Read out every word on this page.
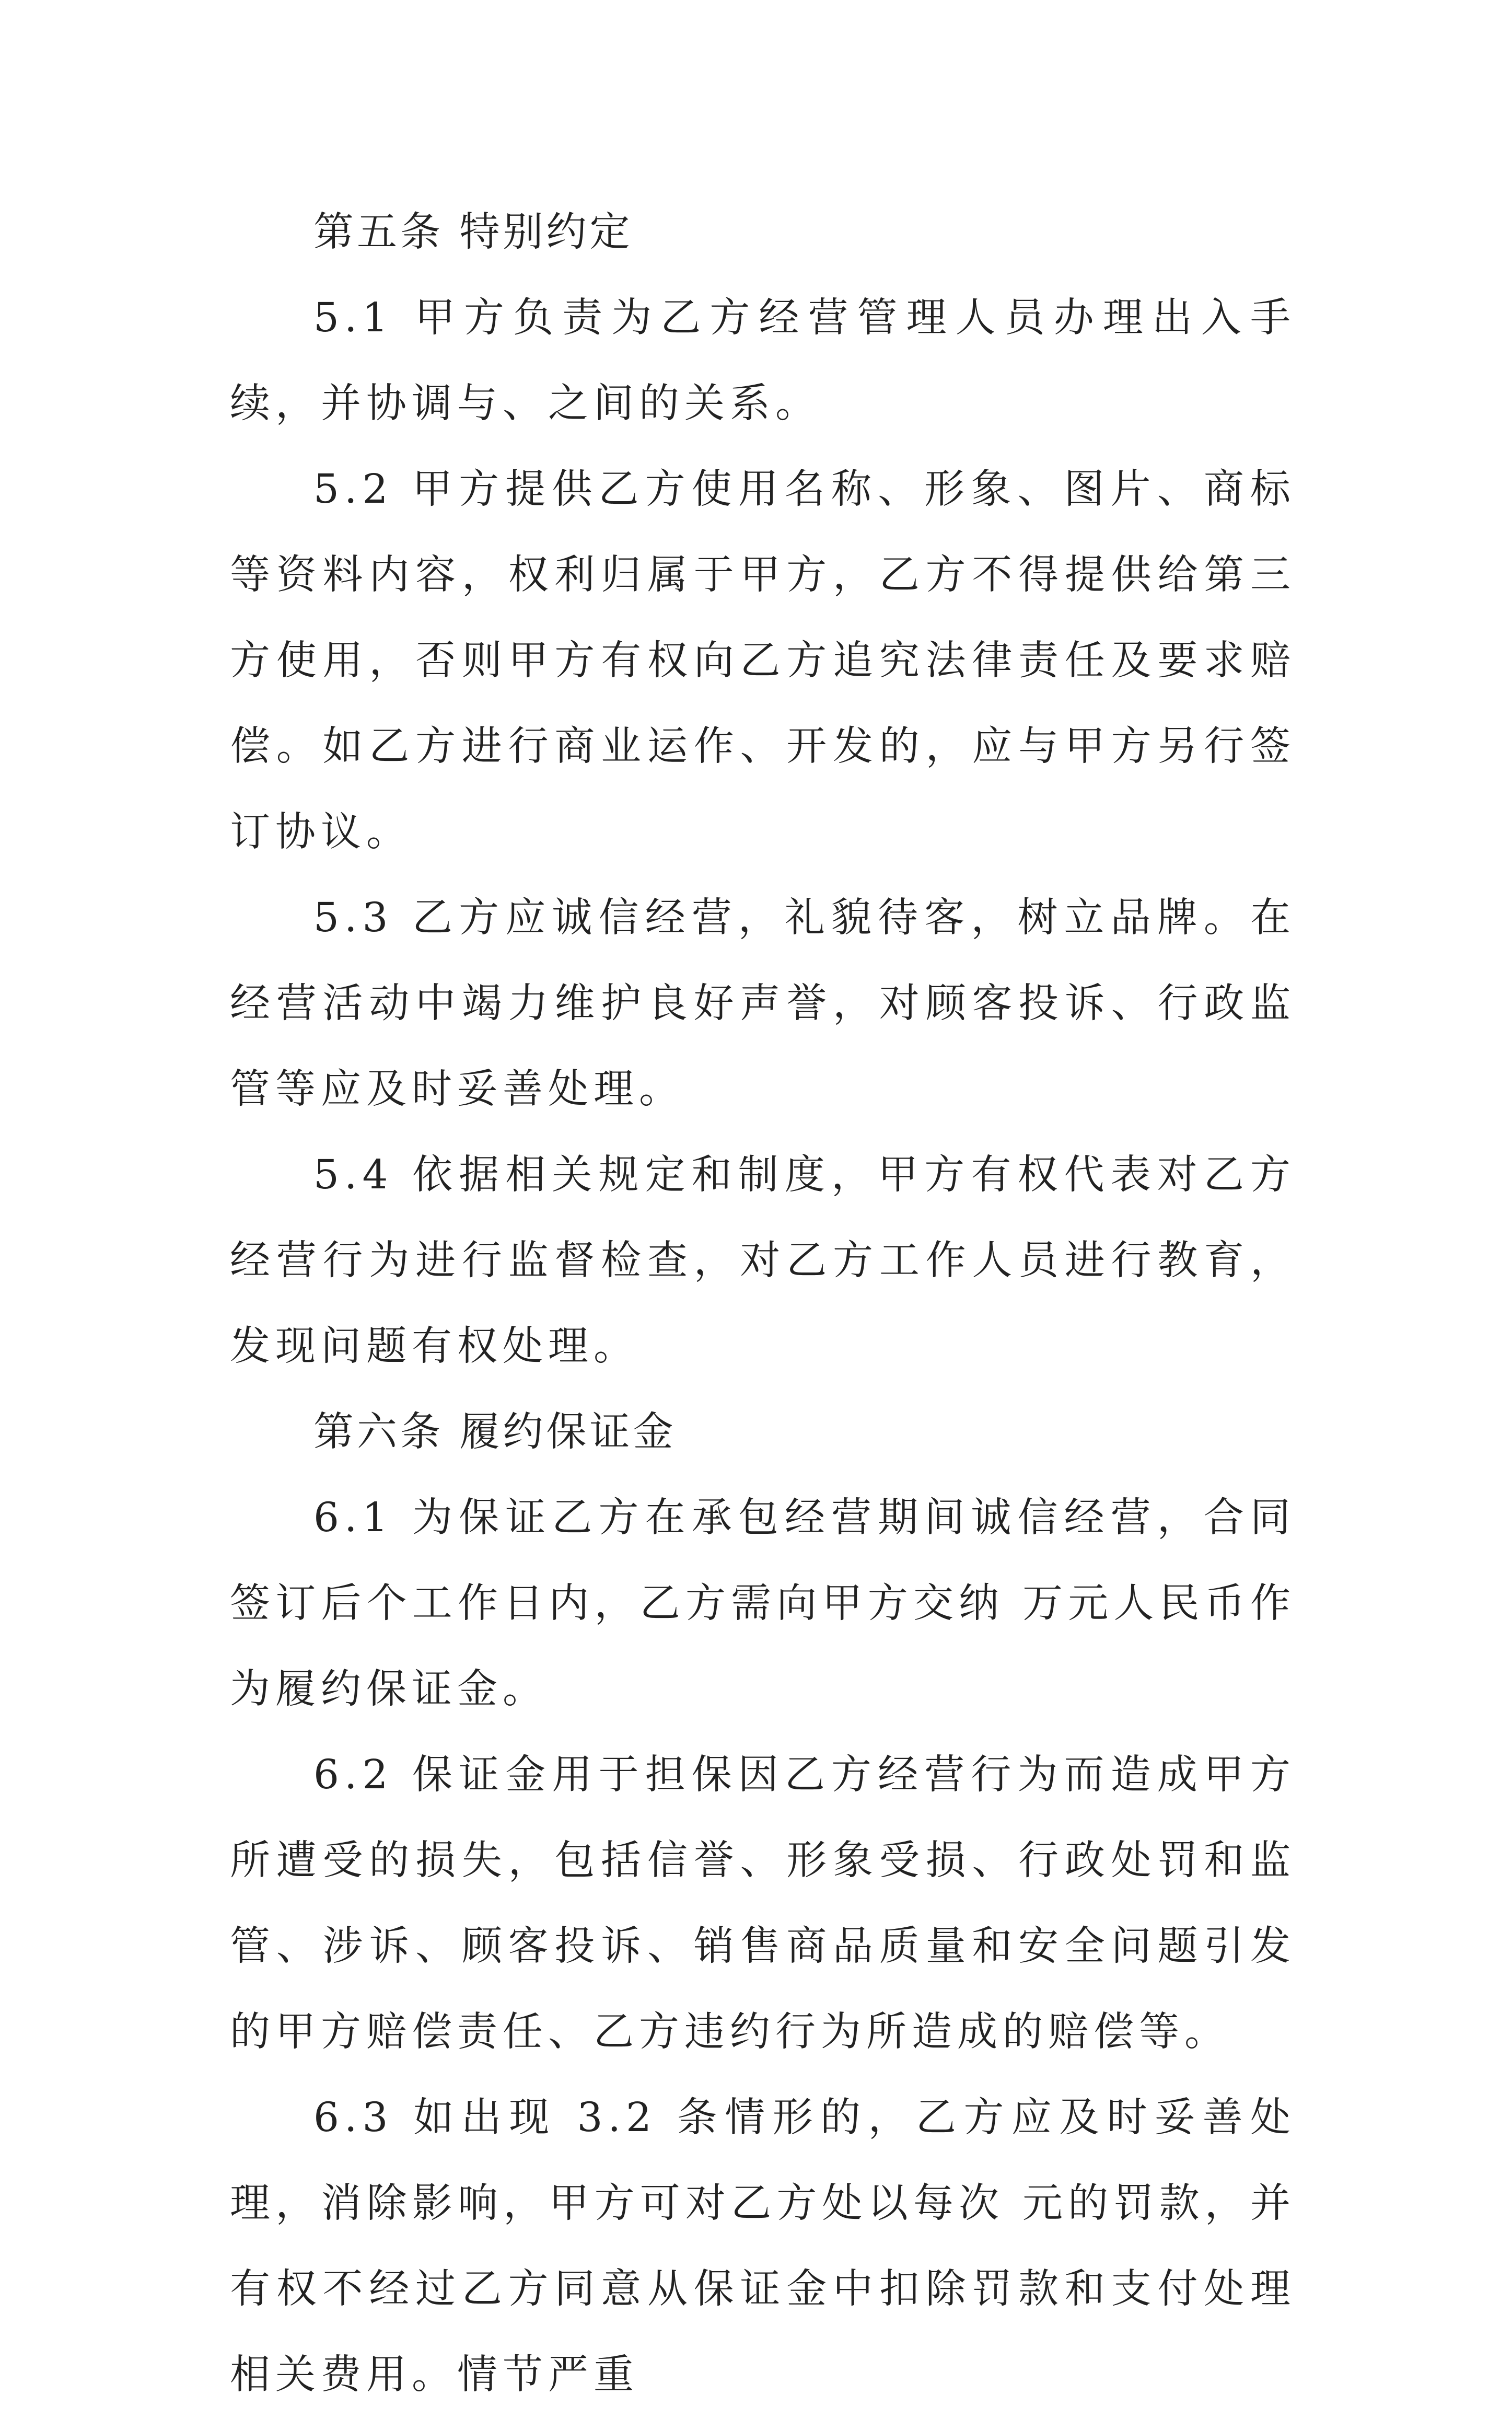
第五条 特别约定

5.1 甲方负责为乙方经营管理人员办理出入手续，并协调与、之间的关系。

5.2 甲方提供乙方使用名称、形象、图片、商标等资料内容，权利归属于甲方，乙方不得提供给第三方使用，否则甲方有权向乙方追究法律责任及要求赔偿。如乙方进行商业运作、开发的，应与甲方另行签订协议。

5.3 乙方应诚信经营，礼貌待客，树立品牌。在经营活动中竭力维护良好声誉，对顾客投诉、行政监管等应及时妥善处理。

5.4 依据相关规定和制度，甲方有权代表对乙方经营行为进行监督检查，对乙方工作人员进行教育，发现问题有权处理。

第六条 履约保证金

6.1 为保证乙方在承包经营期间诚信经营，合同签订后个工作日内，乙方需向甲方交纳 万元人民币作为履约保证金。

6.2 保证金用于担保因乙方经营行为而造成甲方所遭受的损失，包括信誉、形象受损、行政处罚和监管、涉诉、顾客投诉、销售商品质量和安全问题引发的甲方赔偿责任、乙方违约行为所造成的赔偿等。

6.3 如出现 3.2 条情形的，乙方应及时妥善处理，消除影响，甲方可对乙方处以每次 元的罚款，并有权不经过乙方同意从保证金中扣除罚款和支付处理相关费用。情节严重
